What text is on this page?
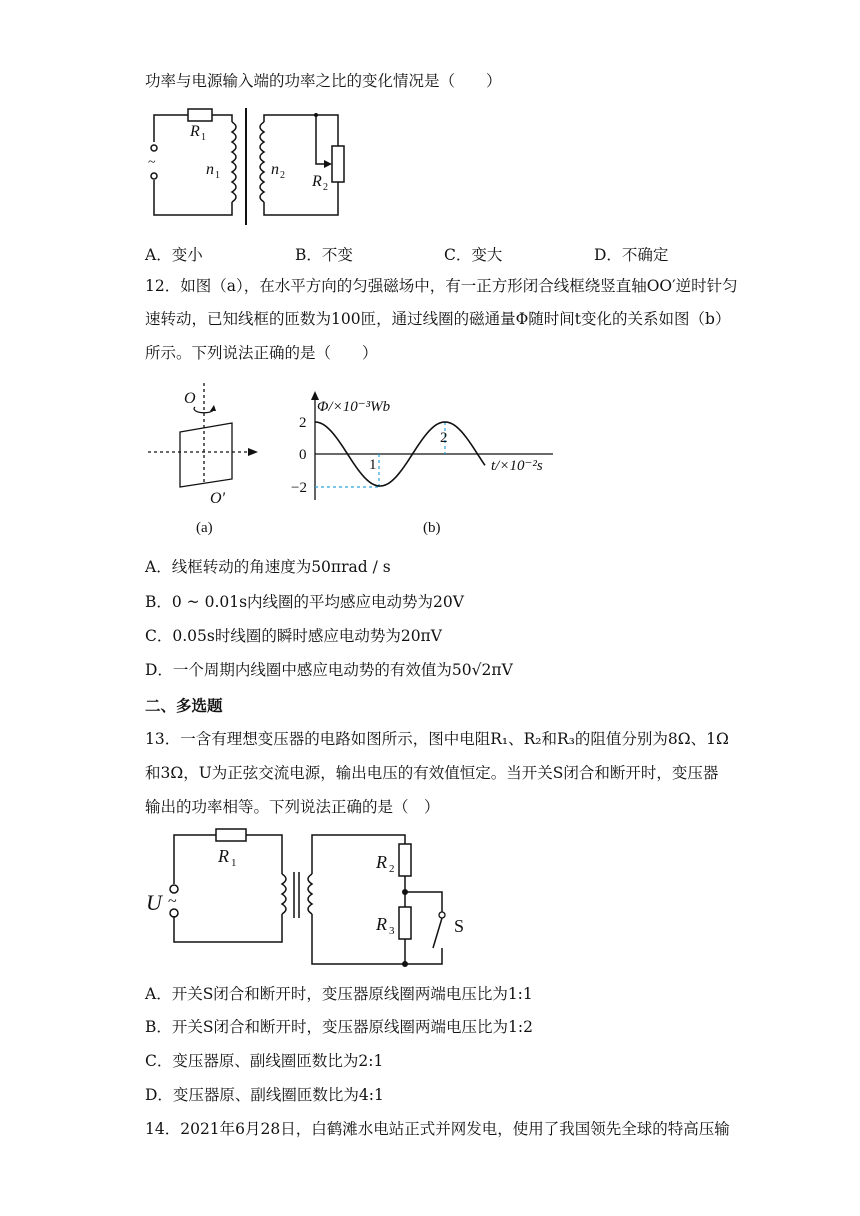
功率与电源输入端的功率之比的变化情况是（　　）
~
R 1
n 1	n 2 R 2
A．变小	B．不变	C．变大	D．不确定
12．如图（a），在水平方向的匀强磁场中，有一正方形闭合线框绕竖直轴OO′逆时针匀
速转动，已知线框的匝数为100匝，通过线圈的磁通量Φ随时间t变化的关系如图（b）
所示。下列说法正确的是（　　）
O
O′
(a)
Φ/×10⁻³Wb
2
0
−2
1
2
t/×10⁻²s
(b)
A．线框转动的角速度为50πrad / s
B．0 ~ 0.01s内线圈的平均感应电动势为20V
C．0.05s时线圈的瞬时感应电动势为20πV
D．一个周期内线圈中感应电动势的有效值为50√2πV
二、多选题
13．一含有理想变压器的电路如图所示，图中电阻R₁、R₂和R₃的阻值分别为8Ω、1Ω
和3Ω，U为正弦交流电源，输出电压的有效值恒定。当开关S闭合和断开时，变压器
输出的功率相等。下列说法正确的是（　）
U ~
R 1	R 2
R 3	S
A．开关S闭合和断开时，变压器原线圈两端电压比为1:1
B．开关S闭合和断开时，变压器原线圈两端电压比为1:2
C．变压器原、副线圈匝数比为2:1
D．变压器原、副线圈匝数比为4:1
14．2021年6月28日，白鹤滩水电站正式并网发电，使用了我国领先全球的特高压输
